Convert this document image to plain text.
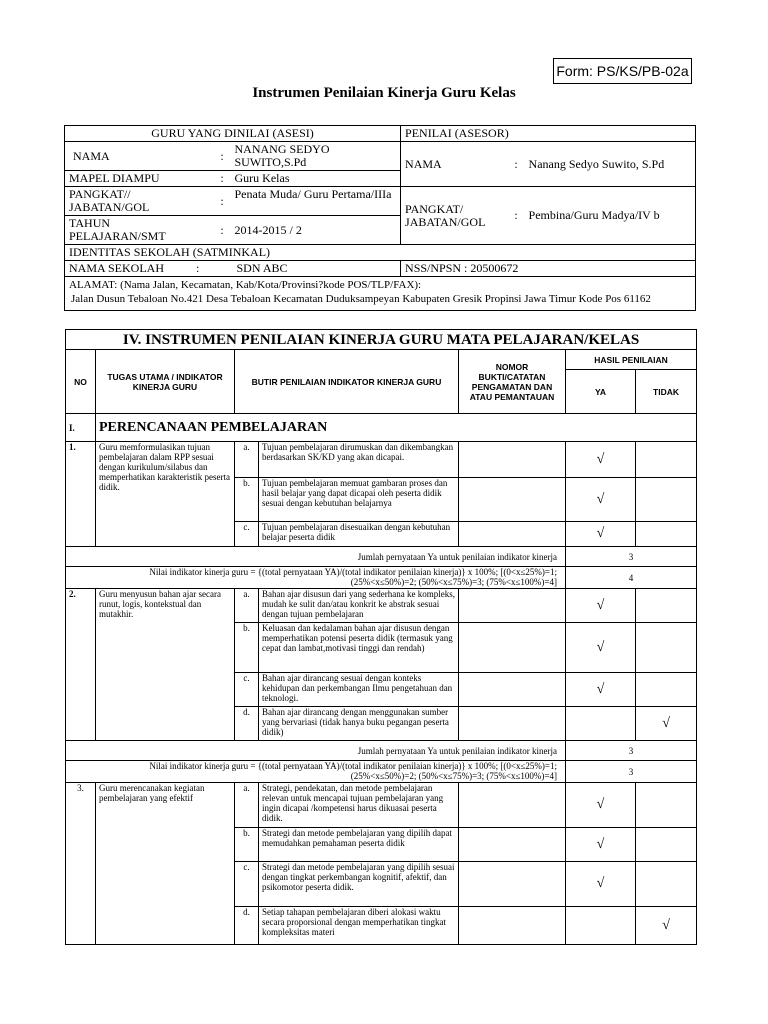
Form: PS/KS/PB-02a
Instrumen Penilaian Kinerja Guru Kelas
GURU YANG DINILAI (ASESI)			PENILAI (ASESOR)		
NAMA	:	NANANG SEDYO SUWITO,S.Pd	NAMA	:	Nanang Sedyo Suwito, S.Pd
MAPEL DIAMPU	:	Guru Kelas			
PANGKAT// JABATAN/GOL	:	Penata Muda/ Guru Pertama/IIIa	PANGKAT/ JABATAN/GOL	:	Pembina/Guru Madya/IV b
TAHUN PELAJARAN/SMT	:	2014-2015 / 2			
IDENTITAS SEKOLAH (SATMINKAL)					
NAMA SEKOLAH :		SDN ABC	NSS/NPSN : 20500672		

ALAMAT: (Nama Jalan, Kecamatan, Kab/Kota/Provinsi?kode POS/TLP/FAX):
Jalan Dusun Tebaloan No.421 Desa Tebaloan Kecamatan Duduksampeyan Kabupaten Gresik Propinsi Jawa Timur Kode Pos 61162					
IV. INSTRUMEN PENILAIAN KINERJA GURU MATA PELAJARAN/KELAS						
NO	TUGAS UTAMA / INDIKATOR KINERJA GURU	BUTIR PENILAIAN INDIKATOR KINERJA GURU		NOMOR BUKTI/CATATAN PENGAMATAN DAN ATAU PEMANTAUAN	HASIL PENILAIAN	
					YA	TIDAK
I.	PERENCANAAN PEMBELAJARAN					
1.	Guru memformulasikan tujuan pembelajaran dalam RPP sesuai dengan kurikulum/silabus dan memperhatikan karakteristik peserta didik.	a.	Tujuan pembelajaran dirumuskan dan dikembangkan berdasarkan SK/KD yang akan dicapai.		√	
		b.	Tujuan pembelajaran memuat gambaran proses dan hasil belajar yang dapat dicapai oleh peserta didik sesuai dengan kebutuhan belajarnya		√	
		c.	Tujuan pembelajaran disesuaikan dengan kebutuhan belajar peserta didik		√	
Jumlah pernyataan Ya untuk penilaian indikator kinerja					3	

Nilai indikator kinerja guru = {(total pernyataan YA)/(total indikator penilaian kinerja)} x 100%; [(0<x≤25%)=1;
(25%<x≤50%)=2; (50%<x≤75%)=3; (75%<x≤100%)=4]					4	
2.	Guru menyusun bahan ajar secara runut, logis, kontekstual dan mutakhir.	a.	Bahan ajar disusun dari yang sederhana ke kompleks, mudah ke sulit dan/atau konkrit ke abstrak sesuai dengan tujuan pembelajaran		√	
		b.	Keluasan dan kedalaman bahan ajar disusun dengan memperhatikan potensi peserta didik (termasuk yang cepat dan lambat,motivasi tinggi dan rendah)		√	
		c.	Bahan ajar dirancang sesuai dengan konteks kehidupan dan perkembangan Ilmu pengetahuan dan teknologi.		√	
		d.	Bahan ajar dirancang dengan menggunakan sumber yang bervariasi (tidak hanya buku pegangan peserta didik)			√
Jumlah pernyataan Ya untuk penilaian indikator kinerja					3	

Nilai indikator kinerja guru = {(total pernyataan YA)/(total indikator penilaian kinerja)} x 100%; [(0<x≤25%)=1;
(25%<x≤50%)=2; (50%<x≤75%)=3; (75%<x≤100%)=4]					3	
3.	Guru merencanakan kegiatan pembelajaran yang efektif	a.	Strategi, pendekatan, dan metode pembelajaran relevan untuk mencapai tujuan pembelajaran yang ingin dicapai /kompetensi harus dikuasai peserta didik.		√	
		b.	Strategi dan metode pembelajaran yang dipilih dapat memudahkan pemahaman peserta didik		√	
		c.	Strategi dan metode pembelajaran yang dipilih sesuai dengan tingkat perkembangan kognitif, afektif, dan psikomotor peserta didik.		√	
		d.	Setiap tahapan pembelajaran diberi alokasi waktu secara proporsional dengan memperhatikan tingkat kompleksitas materi			√
